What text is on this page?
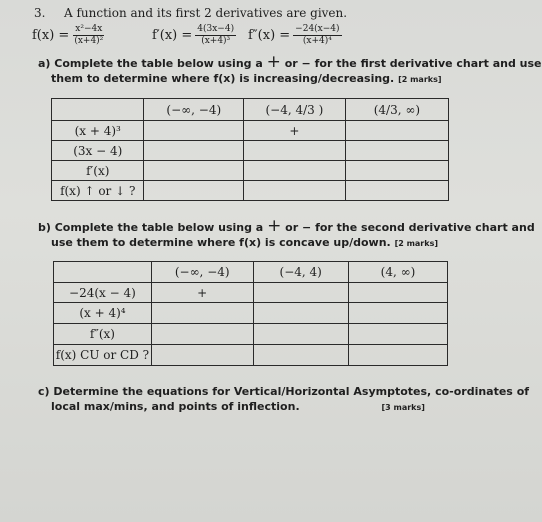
3. A function and its first 2 derivatives are given.
$f(x) = \frac{\text{x²−4x}}{\text{(x+4)²}}$	$f'(x) = \frac{4(3x-4)}{\text{(x+4)³}} f''(x) = \frac{-24(x-4)}{\text{(x+4)⁴}}$
a) Complete the table below using a + or − for the first derivative chart and use
them to determine where f(x) is increasing/decreasing. [2 marks]
	(−∞, −4)	(−4, 4/3 )	(4/3, ∞)
(x + 4)³		+	
(3x − 4)			
f′(x)			
f(x) ↑ or ↓ ?			
b) Complete the table below using a + or − for the second derivative chart and
use them to determine where f(x) is concave up/down. [2 marks]
	(−∞, −4)	(−4, 4)	(4, ∞)
−24(x − 4)	+		
(x + 4)⁴			
f″(x)			
f(x) CU or CD ?			
c) Determine the equations for Vertical/Horizontal Asymptotes, co-ordinates of
local max/mins, and points of inflection.	[3 marks]
